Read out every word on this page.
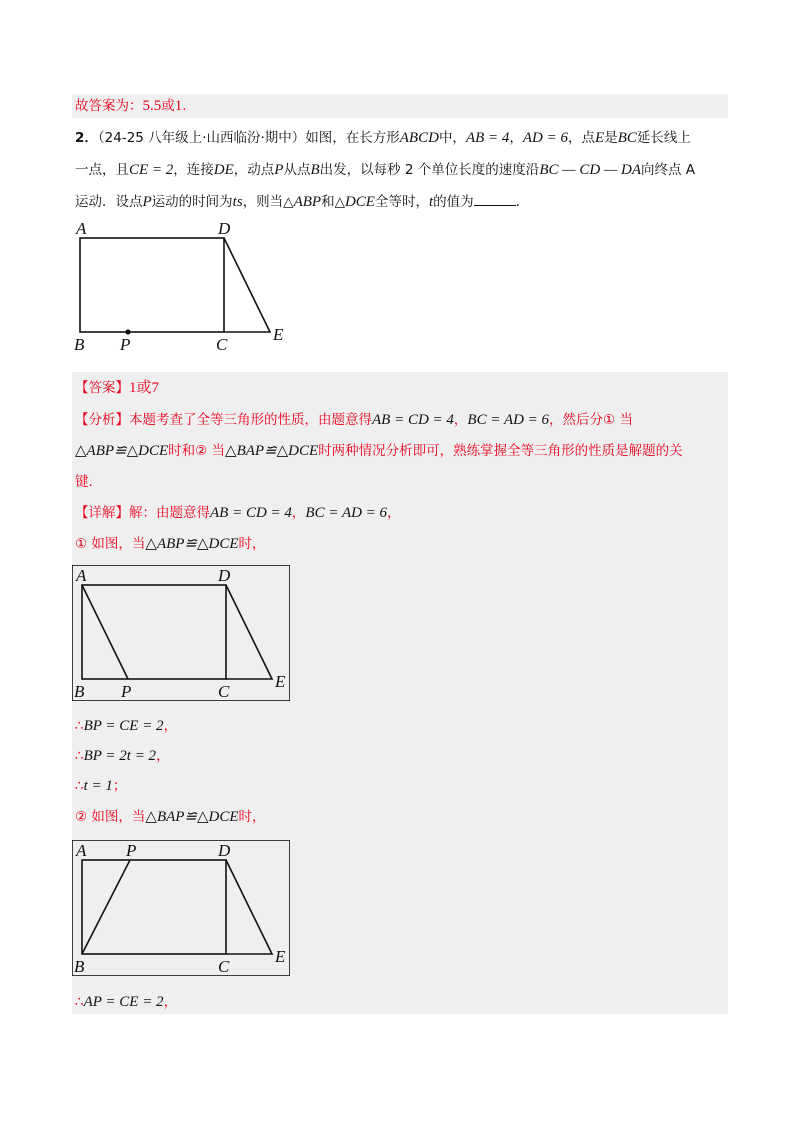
故答案为：5.5或1.
2．（24-25 八年级上·山西临汾·期中）如图，在长方形ABCD中，AB = 4，AD = 6，点E是BC延长线上
一点，且CE = 2，连接DE，动点P从点B出发，以每秒 2 个单位长度的速度沿BC — CD — DA向终点 A
运动．设点P运动的时间为ts，则当△ABP和△DCE全等时，t的值为	.
A	D
B P	C
E
【答案】1或7
【分析】本题考查了全等三角形的性质，由题意得AB = CD = 4，BC = AD = 6，然后分① 当
△ABP≌△DCE时和② 当△BAP≌△DCE时两种情况分析即可，熟练掌握全等三角形的性质是解题的关
键.
【详解】解：由题意得AB = CD = 4，BC = AD = 6，
① 如图，当△ABP≌△DCE时，
A	D
B P	C
E
∴BP = CE = 2，
∴BP = 2t = 2，
∴t = 1；
② 如图，当△BAP≌△DCE时，
A P	D
B	C
E
∴AP = CE = 2，
